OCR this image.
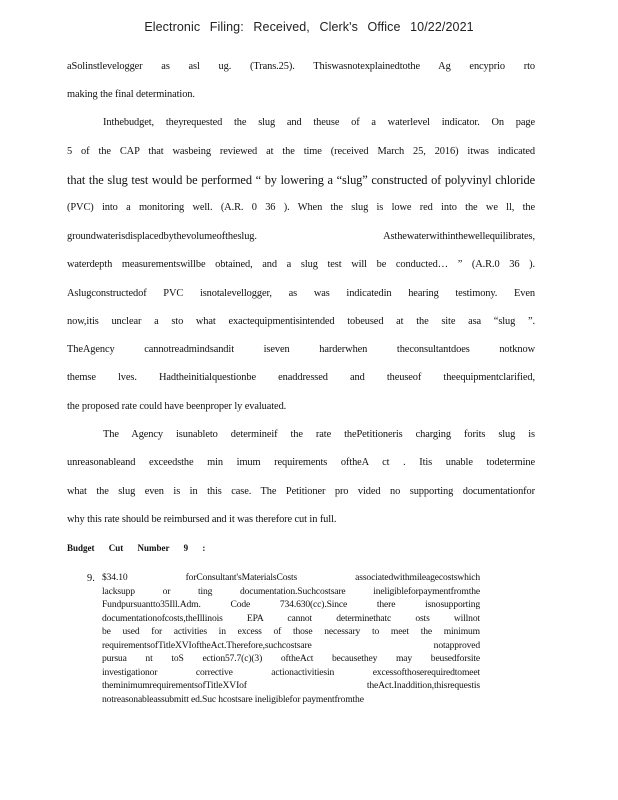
Electronic Filing: Received, Clerk's Office 10/22/2021
aSolinstlevelogger as asl ug. (Trans.25). Thiswasnotexplainedtothe Ag encyprio rto
making the final determination.
Inthebudget, theyrequested the slug and theuse of a waterlevel indicator. On page
5 of the CAP that wasbeing reviewed at the time (received March 25, 2016) itwas indicated
that the slug test would be performed “ by lowering a “slug” constructed of polyvinyl chloride
(PVC) into a monitoring well. (A.R. 0 36 ). When the slug is lowe red into the we ll, the
groundwaterisdisplacedbythevolumeoftheslug. Asthewaterwithinthewellequilibrates,
waterdepth measurementswillbe obtained, and a slug test will be conducted… ” (A.R.0 36 ).
Aslugconstructedof PVC isnotalevellogger, as was indicatedin hearing testimony. Even
now,itis unclear a sto what exactequipmentisintended tobeused at the site asa “slug ”.
TheAgency cannotreadmindsandit iseven harderwhen theconsultantdoes notknow
themse lves. Hadtheinitialquestionbe enaddressed and theuseof theequipmentclarified,
the proposed rate could have beenproper ly evaluated.
The Agency isunableto determineif the rate thePetitioneris charging forits slug is
unreasonableand exceedsthe min imum requirements oftheA ct . Itis unable todetermine
what the slug even is in this case. The Petitioner pro vided no supporting documentationfor
why this rate should be reimbursed and it was therefore cut in full.
Budget Cut Number 9 :
9. $34.10 forConsultant'sMaterialsCosts associatedwithmileagecostswhich
lacksupp or ting documentation.Suchcostsare ineligibleforpaymentfromthe
Fundpursuantto35Ill.Adm. Code 734.630(cc).Since there isnosupporting
documentationofcosts,theIllinois EPA cannot determinethatc osts willnot
be used for activities in excess of those necessary to meet the minimum
requirementsofTitleXVIoftheAct.Therefore,suchcostsare notapproved
pursua nt toS ection57.7(c)(3) oftheAct becausethey may beusedforsite
investigationor corrective actionactivitiesin excessofthoserequiredtomeet
theminimumrequirementsofTitleXVIof theAct.Inaddition,thisrequestis
notreasonableassubmitt ed.Suc hcostsare ineligiblefor paymentfromthe
